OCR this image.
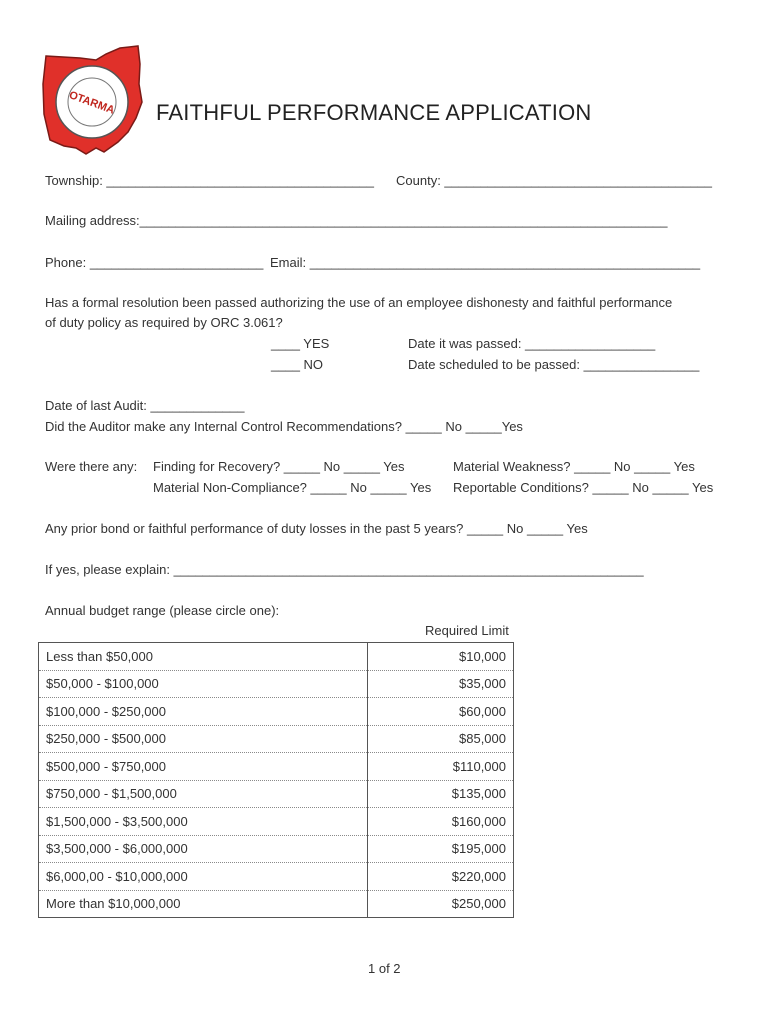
OTARMA FAITHFUL PERFORMANCE APPLICATION
Township: _____________________________________ County: _____________________________________
Mailing address:_________________________________________________________________________
Phone: ________________________ Email: ______________________________________________________
Has a formal resolution been passed authorizing the use of an employee dishonesty and faithful performance
of duty policy as required by ORC 3.061?
____ YES	Date it was passed: __________________
____ NO	Date scheduled to be passed: ________________
Date of last Audit: _____________
Did the Auditor make any Internal Control Recommendations? _____ No _____Yes
Were there any: Finding for Recovery? _____ No _____ Yes	Material Weakness? _____ No _____ Yes
Material Non-Compliance? _____ No _____ Yes Reportable Conditions? _____ No _____ Yes
Any prior bond or faithful performance of duty losses in the past 5 years? _____ No _____ Yes
If yes, please explain: _________________________________________________________________
Annual budget range (please circle one):
Required Limit
Less than $50,000	$10,000
$50,000 - $100,000	$35,000
$100,000 - $250,000	$60,000
$250,000 - $500,000	$85,000
$500,000 - $750,000	$110,000
$750,000 - $1,500,000	$135,000
$1,500,000 - $3,500,000	$160,000
$3,500,000 - $6,000,000	$195,000
$6,000,00 - $10,000,000	$220,000
More than $10,000,000	$250,000
1 of 2
